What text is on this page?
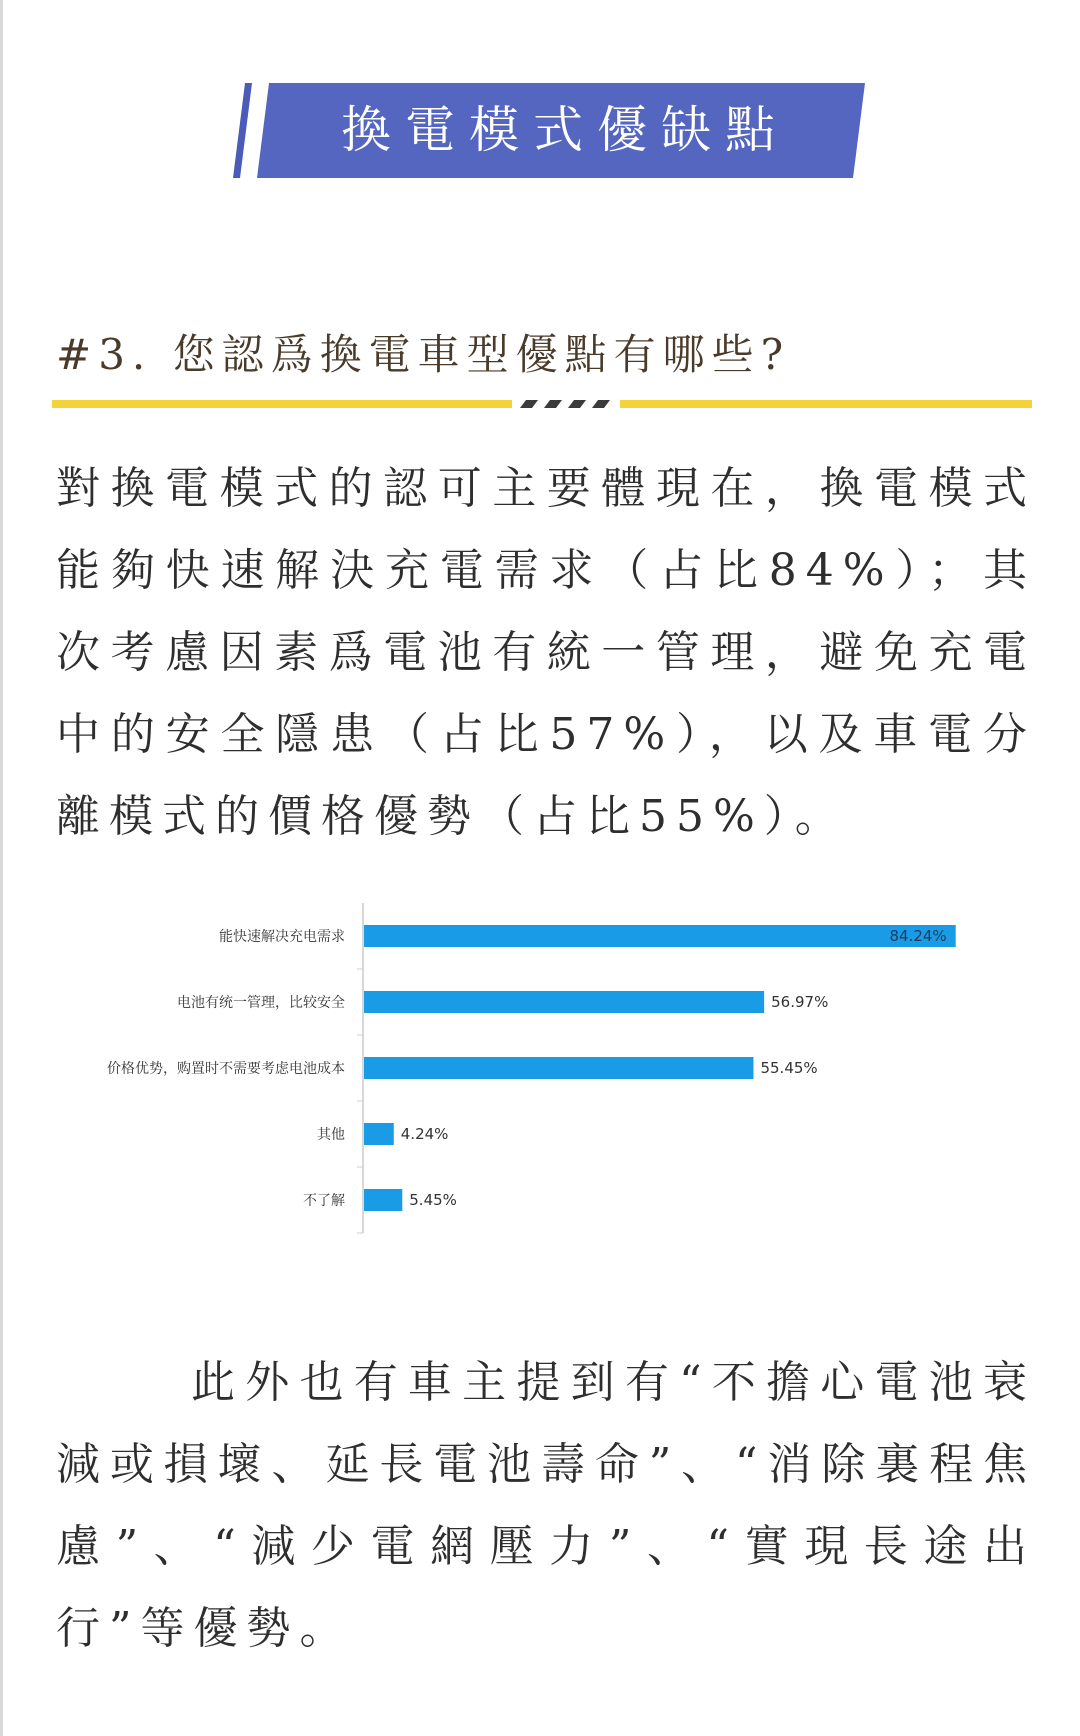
換電模式優缺點
#3. 您認爲換電車型優點有哪些?
對換電模式的認可主要體現在，換電模式能夠快速解決充電需求（占比84%）；其次考慮因素爲電池有統一管理，避免充電中的安全隱患（占比57%），以及車電分離模式的價格優勢（占比55%）。
能快速解决充电需求	84.24%
电池有统一管理，比较安全	56.97%
价格优势，购置时不需要考虑电池成本	55.45%
其他	4.24%
不了解	5.45%
此外也有車主提到有“不擔心電池衰減或損壞、延長電池壽命”、“消除裏程焦慮”、“減少電網壓力”、“實現長途出行”等優勢。
